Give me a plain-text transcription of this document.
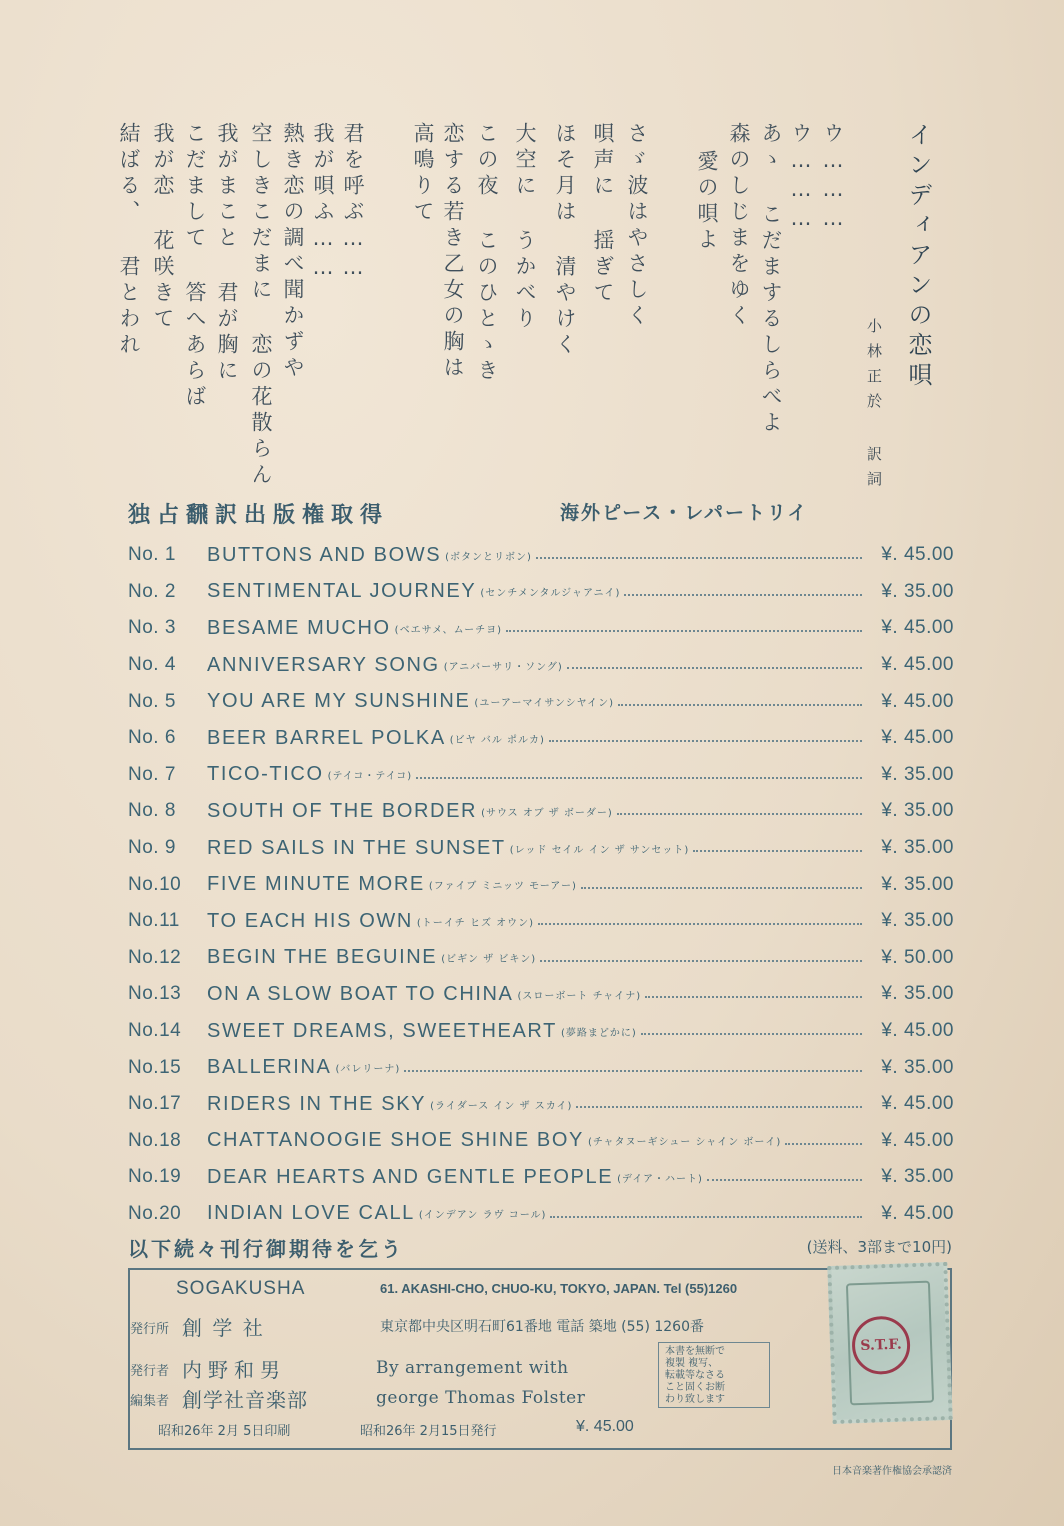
インディアンの恋唄
小林正於 訳詞
ウ………
ウ………
あゝ こだまするしらべよ
森のしじまをゆく
愛の唄よ
さゞ波はやさしく
唄声に 揺ぎて
ほそ月は 清やけく
大空に うかべり
この夜 このひとゝき
恋する若き乙女の胸は
高鳴りて
君を呼ぶ……
我が唄ふ……
熱き恋の調べ聞かずや
空しきこだまに 恋の花散らん
我がまこと 君が胸に
こだまして 答へあらば
我が恋 花咲きて
結ばる、 君とわれ
独占飜訳出版権取得	海外ピース・レパートリイ
No. 1	BUTTONS AND BOWS (ボタンとリボン)	¥. 45.00
No. 2	SENTIMENTAL JOURNEY (センチメンタルジャアニイ)	¥. 35.00
No. 3	BESAME MUCHO (ベエサメ、ムーチヨ)	¥. 45.00
No. 4	ANNIVERSARY SONG (アニバーサリ・ソング)	¥. 45.00
No. 5	YOU ARE MY SUNSHINE (ユーアーマイサンシヤイン)	¥. 45.00
No. 6	BEER BARREL POLKA (ビヤ バル ポルカ)	¥. 45.00
No. 7	TICO-TICO (テイコ・テイコ)	¥. 35.00
No. 8	SOUTH OF THE BORDER (サウス オブ ザ ボーダー)	¥. 35.00
No. 9	RED SAILS IN THE SUNSET (レッド セイル イン ザ サンセット)	¥. 35.00
No.10	FIVE MINUTE MORE (ファイブ ミニッツ モーアー)	¥. 35.00
No.11	TO EACH HIS OWN (トーイチ ヒズ オウン)	¥. 35.00
No.12	BEGIN THE BEGUINE (ビギン ザ ビキン)	¥. 50.00
No.13	ON A SLOW BOAT TO CHINA (スローボート チャイナ)	¥. 35.00
No.14	SWEET DREAMS, SWEETHEART (夢路まどかに)	¥. 45.00
No.15	BALLERINA (バレリーナ)	¥. 35.00
No.17	RIDERS IN THE SKY (ライダース イン ザ スカイ)	¥. 45.00
No.18	CHATTANOOGIE SHOE SHINE BOY (チャタヌーギシュー シャイン ボーイ)	¥. 45.00
No.19	DEAR HEARTS AND GENTLE PEOPLE (デイア・ハート)	¥. 35.00
No.20	INDIAN LOVE CALL (インデアン ラヴ コール)	¥. 45.00
以下続々刊行御期待を乞う	(送料、3部まで10円)
SOGAKUSHA	61. AKASHI-CHO, CHUO-KU, TOKYO, JAPAN. Tel (55)1260
発行所 創 学 社	東京都中央区明石町61番地 電話 築地 (55) 1260番
発行者 内野和男
編集者 創学社音楽部
By arrangement with
george Thomas Folster
本書を無断で
複製 複写、
転載等なさる
こと固くお断
わり致します
昭和26年 2月 5日印刷	昭和26年 2月15日発行	¥. 45.00
S.T.F.
日本音楽著作権協会承認済
